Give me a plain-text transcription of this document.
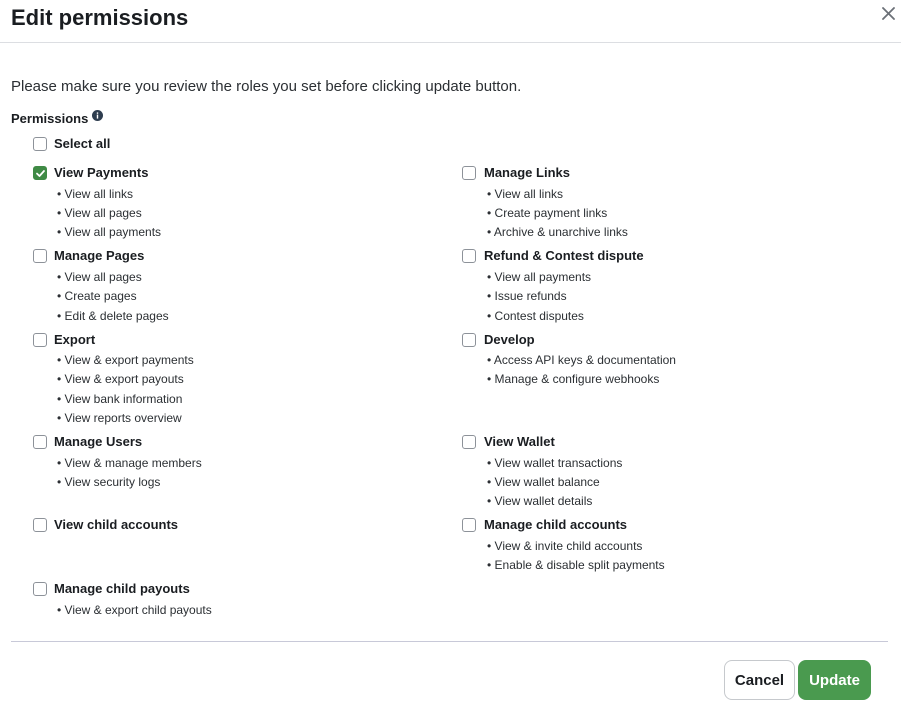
Edit permissions
Please make sure you review the roles you set before clicking update button.
Permissions
Select all
View Payments
• View all links
• View all pages
• View all payments
Manage Links
• View all links
• Create payment links
• Archive & unarchive links
Manage Pages
• View all pages
• Create pages
• Edit & delete pages
Refund & Contest dispute
• View all payments
• Issue refunds
• Contest disputes
Export
• View & export payments
• View & export payouts
• View bank information
• View reports overview
Develop
• Access API keys & documentation
• Manage & configure webhooks
Manage Users
• View & manage members
• View security logs
View Wallet
• View wallet transactions
• View wallet balance
• View wallet details
View child accounts	Manage child accounts
• View & invite child accounts
• Enable & disable split payments
Manage child payouts
• View & export child payouts
Cancel	Update
